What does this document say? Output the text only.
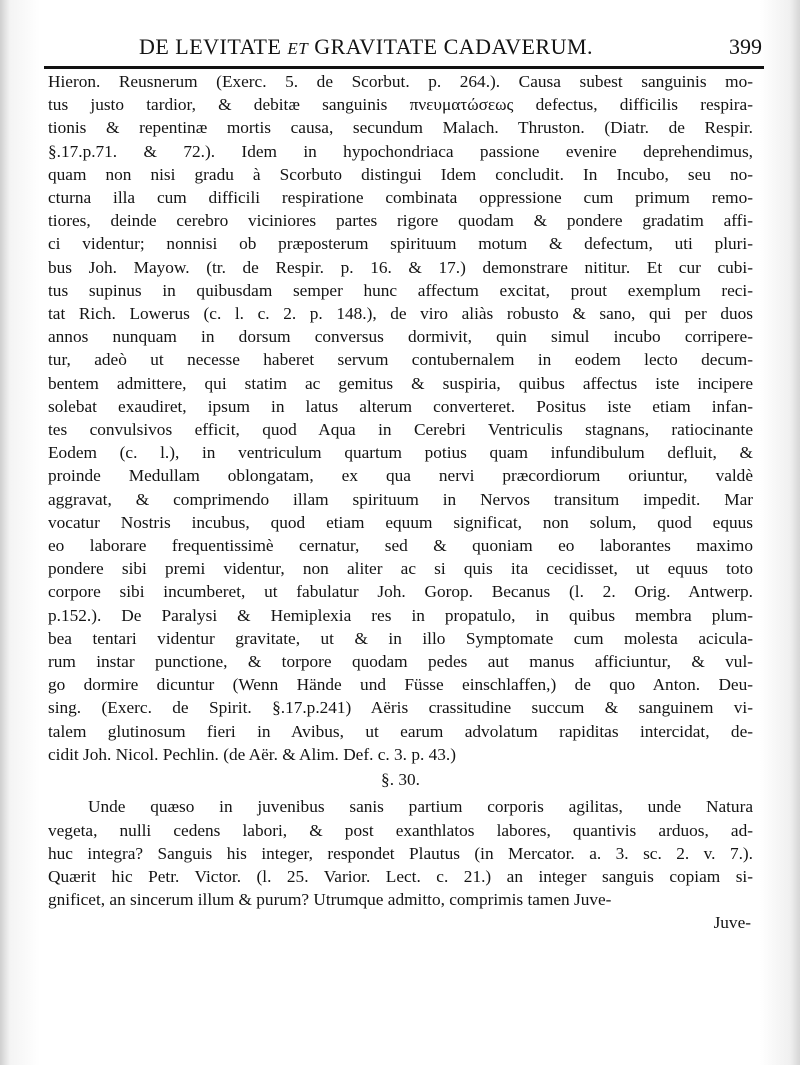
DE LEVITATE ET GRAVITATE CADAVERUM.	399
Hieron. Reusnerum (Exerc. 5. de Scorbut. p. 264.). Causa subest sanguinis mo-
tus justo tardior, & debitæ sanguinis πνευματώσεως defectus, difficilis respira-
tionis & repentinæ mortis causa, secundum Malach. Thruston. (Diatr. de Respir.
§.17.p.71. & 72.). Idem in hypochondriaca passione evenire deprehendimus,
quam non nisi gradu à Scorbuto distingui Idem concludit. In Incubo, seu no-
cturna illa cum difficili respiratione combinata oppressione cum primum remo-
tiores, deinde cerebro viciniores partes rigore quodam & pondere gradatim affi-
ci videntur; nonnisi ob præposterum spirituum motum & defectum, uti pluri-
bus Joh. Mayow. (tr. de Respir. p. 16. & 17.) demonstrare nititur. Et cur cubi-
tus supinus in quibusdam semper hunc affectum excitat, prout exemplum reci-
tat Rich. Lowerus (c. l. c. 2. p. 148.), de viro aliàs robusto & sano, qui per duos
annos nunquam in dorsum conversus dormivit, quin simul incubo corripere-
tur, adeò ut necesse haberet servum contubernalem in eodem lecto decum-
bentem admittere, qui statim ac gemitus & suspiria, quibus affectus iste incipere
solebat exaudiret, ipsum in latus alterum converteret. Positus iste etiam infan-
tes convulsivos efficit, quod Aqua in Cerebri Ventriculis stagnans, ratiocinante
Eodem (c. l.), in ventriculum quartum potius quam infundibulum defluit, &
proinde Medullam oblongatam, ex qua nervi præcordiorum oriuntur, valdè
aggravat, & comprimendo illam spirituum in Nervos transitum impedit. Mar
vocatur Nostris incubus, quod etiam equum significat, non solum, quod equus
eo laborare frequentissimè cernatur, sed & quoniam eo laborantes maximo
pondere sibi premi videntur, non aliter ac si quis ita cecidisset, ut equus toto
corpore sibi incumberet, ut fabulatur Joh. Gorop. Becanus (l. 2. Orig. Antwerp.
p.152.). De Paralysi & Hemiplexia res in propatulo, in quibus membra plum-
bea tentari videntur gravitate, ut & in illo Symptomate cum molesta acicula-
rum instar punctione, & torpore quodam pedes aut manus afficiuntur, & vul-
go dormire dicuntur (Wenn Hände und Füsse einschlaffen,) de quo Anton. Deu-
sing. (Exerc. de Spirit. §.17.p.241) Aëris crassitudine succum & sanguinem vi-
talem glutinosum fieri in Avibus, ut earum advolatum rapiditas intercidat, de-
cidit Joh. Nicol. Pechlin. (de Aër. & Alim. Def. c. 3. p. 43.)
§. 30.
Unde quæso in juvenibus sanis partium corporis agilitas, unde Natura
vegeta, nulli cedens labori, & post exanthlatos labores, quantivis arduos, ad-
huc integra? Sanguis his integer, respondet Plautus (in Mercator. a. 3. sc. 2. v. 7.).
Quærit hic Petr. Victor. (l. 25. Varior. Lect. c. 21.) an integer sanguis copiam si-
gnificet, an sincerum illum & purum? Utrumque admitto, comprimis tamen Juve-
Juve-
